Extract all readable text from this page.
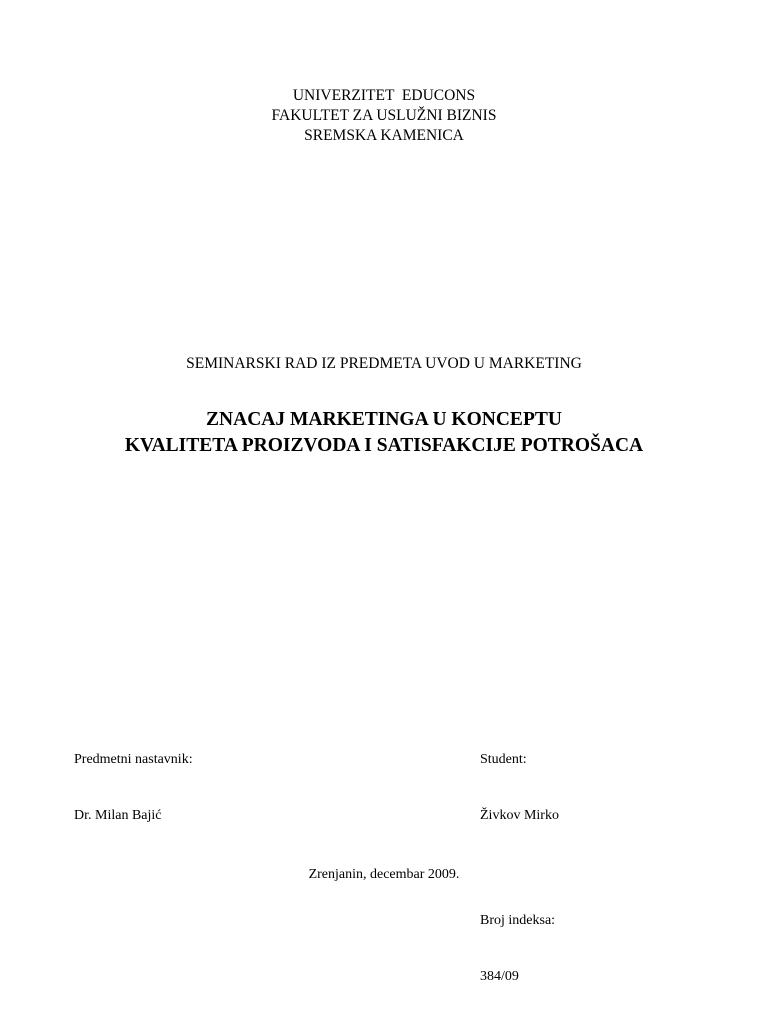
UNIVERZITET  EDUCONS
FAKULTET ZA USLUŽNI BIZNIS
SREMSKA KAMENICA
SEMINARSKI RAD IZ PREDMETA UVOD U MARKETING
ZNACAJ MARKETINGA U KONCEPTU
KVALITETA PROIZVODA I SATISFAKCIJE POTROŠACA

Predmetni nastavnik:

Dr. Milan Bajić

Student:

Živkov Mirko

Broj indeksa:

384/09

Zrenjanin, decembar 2009.
